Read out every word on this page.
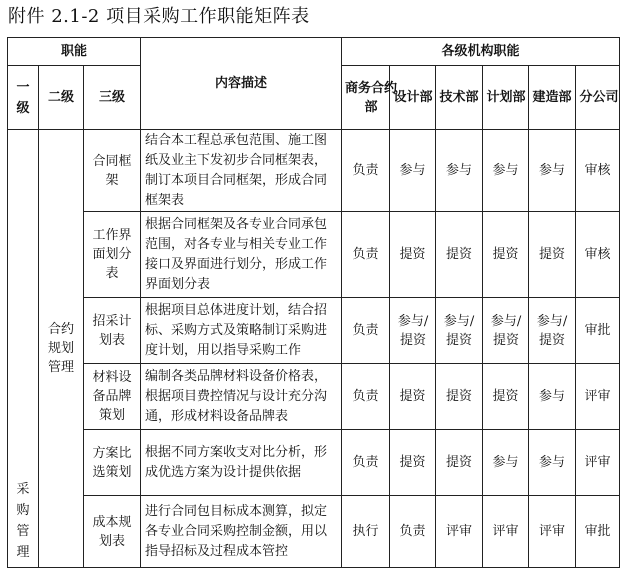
附件 2.1-2 项目采购工作职能矩阵表
职能			内容描述	各级机构职能					
一级	二级	三级		商务合约部	设计部	技术部	计划部	建造部	分公司
采购管理	合约规划管理	合同框架	结合本工程总承包范围、施工图纸及业主下发初步合同框架表，制订本项目合同框架，形成合同框架表	负责	参与	参与	参与	参与	审核
		工作界面划分表	根据合同框架及各专业合同承包范围，对各专业与相关专业工作接口及界面进行划分，形成工作界面划分表	负责	提资	提资	提资	提资	审核
		招采计划表	根据项目总体进度计划，结合招标、采购方式及策略制订采购进度计划，用以指导采购工作	负责	参与/提资	参与/提资	参与/提资	参与/提资	审批
		材料设备品牌策划	编制各类品牌材料设备价格表，根据项目费控情况与设计充分沟通，形成材料设备品牌表	负责	提资	提资	提资	参与	评审
		方案比选策划	根据不同方案收支对比分析，形成优选方案为设计提供依据	负责	提资	提资	参与	参与	评审
		成本规划表	进行合同包目标成本测算，拟定各专业合同采购控制金额，用以指导招标及过程成本管控	执行	负责	评审	评审	评审	审批
